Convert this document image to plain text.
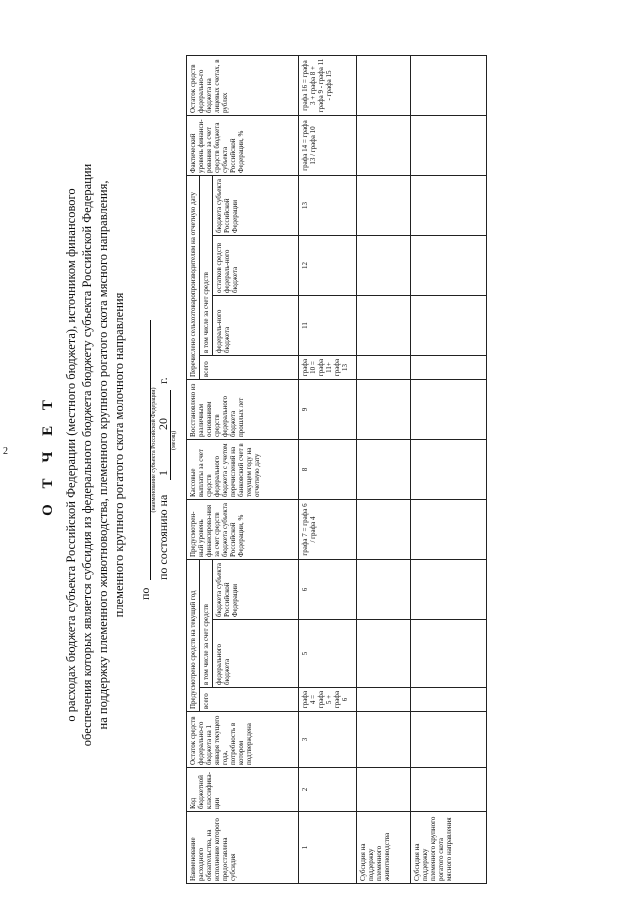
2 О Т Ч Е Т о расходах бюджета субъекта Российской Федерации (местного бюджета), источником финансового обеспечения которых является субсидия из федерального бюджета бюджету субъекта Российской Федерации на поддержку племенного животноводства, племенного крупного рогатого скота мясного направления, племенного крупного рогатого скота молочного направления по
(наименование субъекта Российской Федерации)
по состоянию на
1
(месяц)
20
г.
Наименование расходного обязательства, на исполнение которого предоставлена субсидия	Код бюджетной классифика-ции	Остаток средств федерально-го бюджета на 1 января текущего года, потребность в котором подтверждена	Предусмотрено средств на текущий год			Предусмотрен-ный уровень финансирова-ния за счет средств бюджета субъекта Российской Федерации, %	Кассовые выплаты за счет средств федерального бюджета с учетом перечислений на банковский счет в текущем году на отчетную дату	Восстановлено из различным основаниям средств федерального бюджета прошлых лет	Перечислено сельхозтоваропроизводителям на отчетную дату				Фактический уровень финанси-рования за счет средств бюджета субъекта Российской Федерации, %	Остаток средств федерально-го бюджета на лицевых счетах, в рублях
			всего	в том числе за счет средств					всего	в том числе за счет средств				
				федерального бюджета	бюджета субъекта Российской Федерации					федераль-ного бюджета	остатков средств федераль-ного бюджета	бюджета субъекта Российской Федерации		
1	2	3	графа 4 = графа 5 + графа 6	5	6	графа 7 = графа 6 / графа 4	8	9	графа 10 = графа 11+ графа 13	11	12	13	графа 14 = графа 13 / графа 10	графа 16 = графа 3 + графа 8 + графа 9 - графа 11 - графа 15
Субсидия на поддержку племенного животноводства														
Субсидия на поддержку племенного крупного рогатого скота мясного направления														
